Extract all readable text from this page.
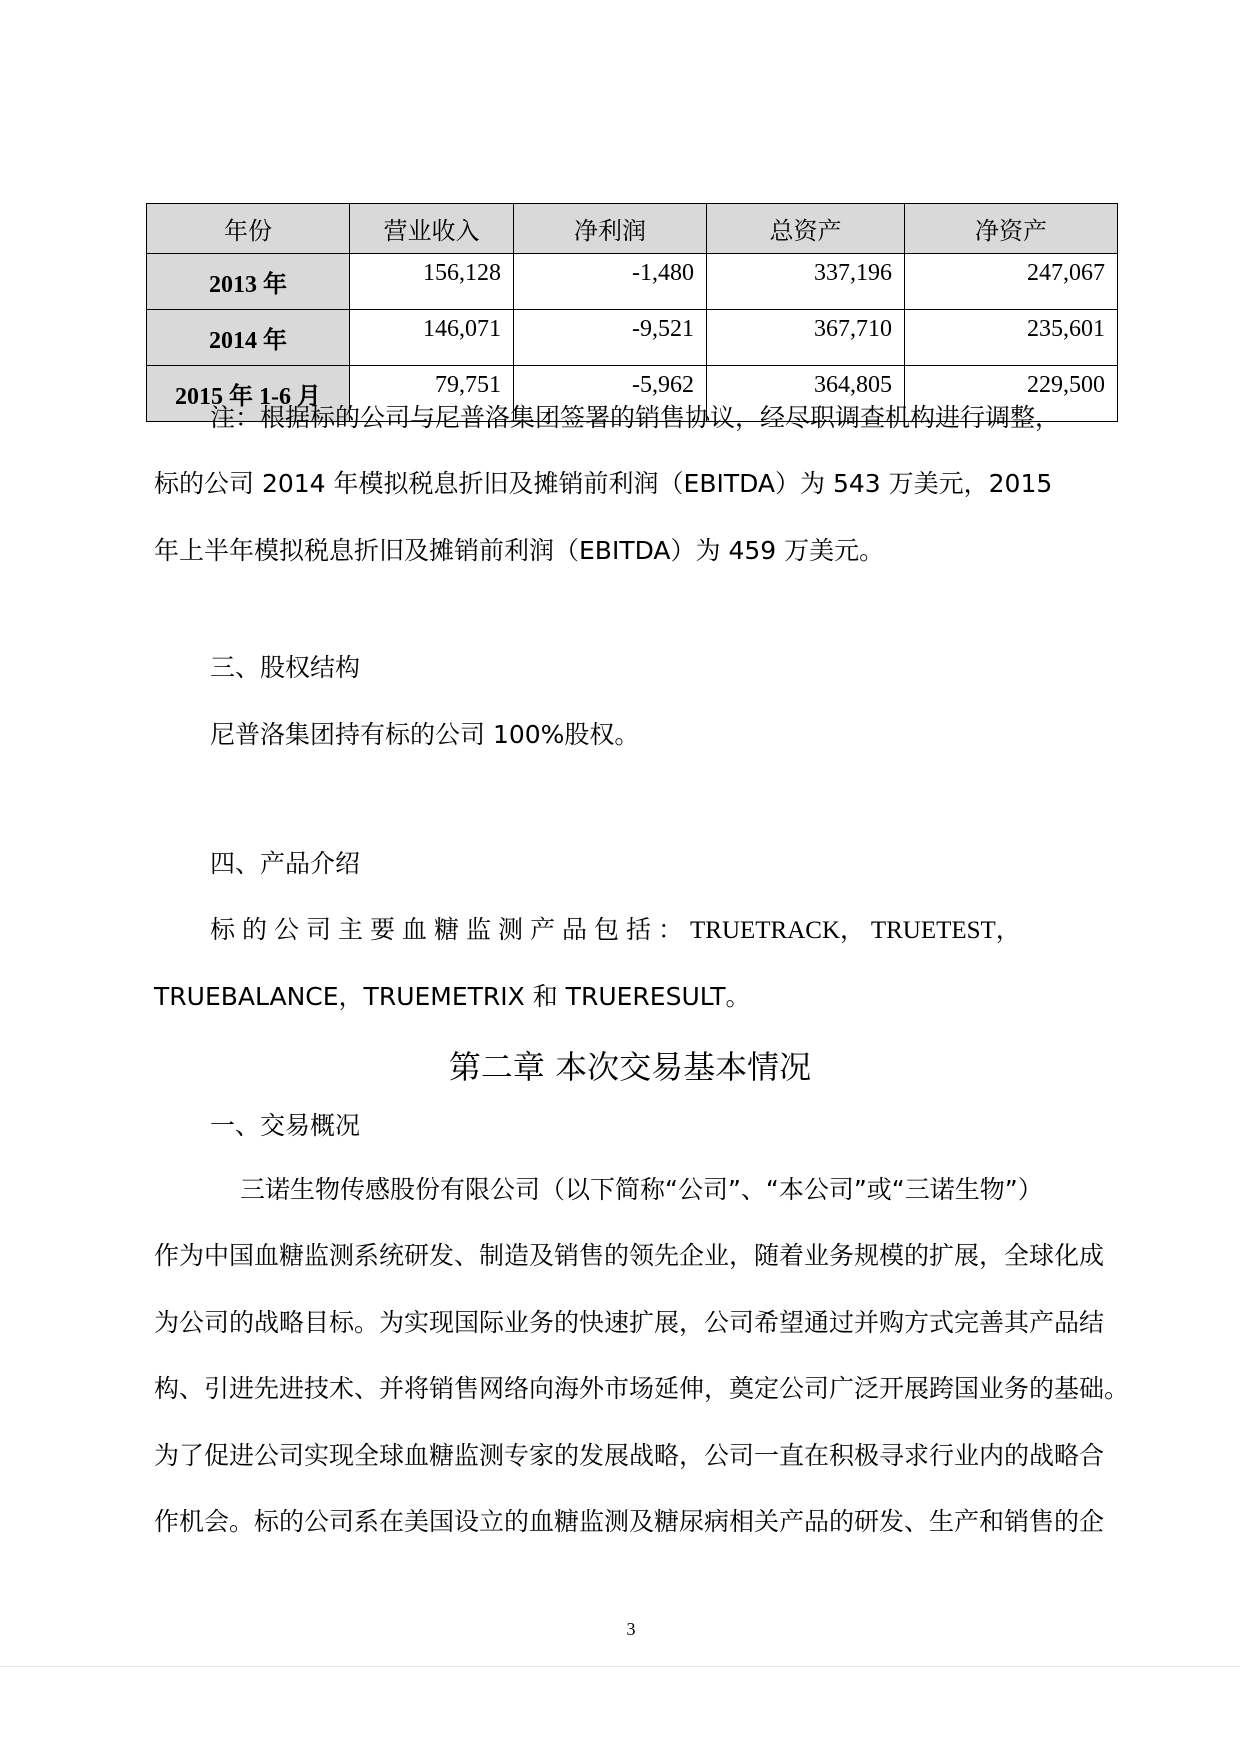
年份	营业收入	净利润	总资产	净资产
2013 年	156,128	-1,480	337,196	247,067
2014 年	146,071	-9,521	367,710	235,601
2015 年 1-6 月	79,751	-5,962	364,805	229,500
注：根据标的公司与尼普洛集团签署的销售协议，经尽职调查机构进行调整，
标的公司 2014 年模拟税息折旧及摊销前利润（EBITDA）为 543 万美元，2015
年上半年模拟税息折旧及摊销前利润（EBITDA）为 459 万美元。
三、股权结构
尼普洛集团持有标的公司 100%股权。
四、产品介绍
标的公司主要血糖监测产品包括：TRUETRACK， TRUETEST，
TRUEBALANCE，TRUEMETRIX 和 TRUERESULT。
第二章 本次交易基本情况
一、交易概况
三诺生物传感股份有限公司（以下简称“公司”、“本公司”或“三诺生物”）
作为中国血糖监测系统研发、制造及销售的领先企业，随着业务规模的扩展，全球化成
为公司的战略目标。为实现国际业务的快速扩展，公司希望通过并购方式完善其产品结
构、引进先进技术、并将销售网络向海外市场延伸，奠定公司广泛开展跨国业务的基础。
为了促进公司实现全球血糖监测专家的发展战略，公司一直在积极寻求行业内的战略合
作机会。标的公司系在美国设立的血糖监测及糖尿病相关产品的研发、生产和销售的企
3
